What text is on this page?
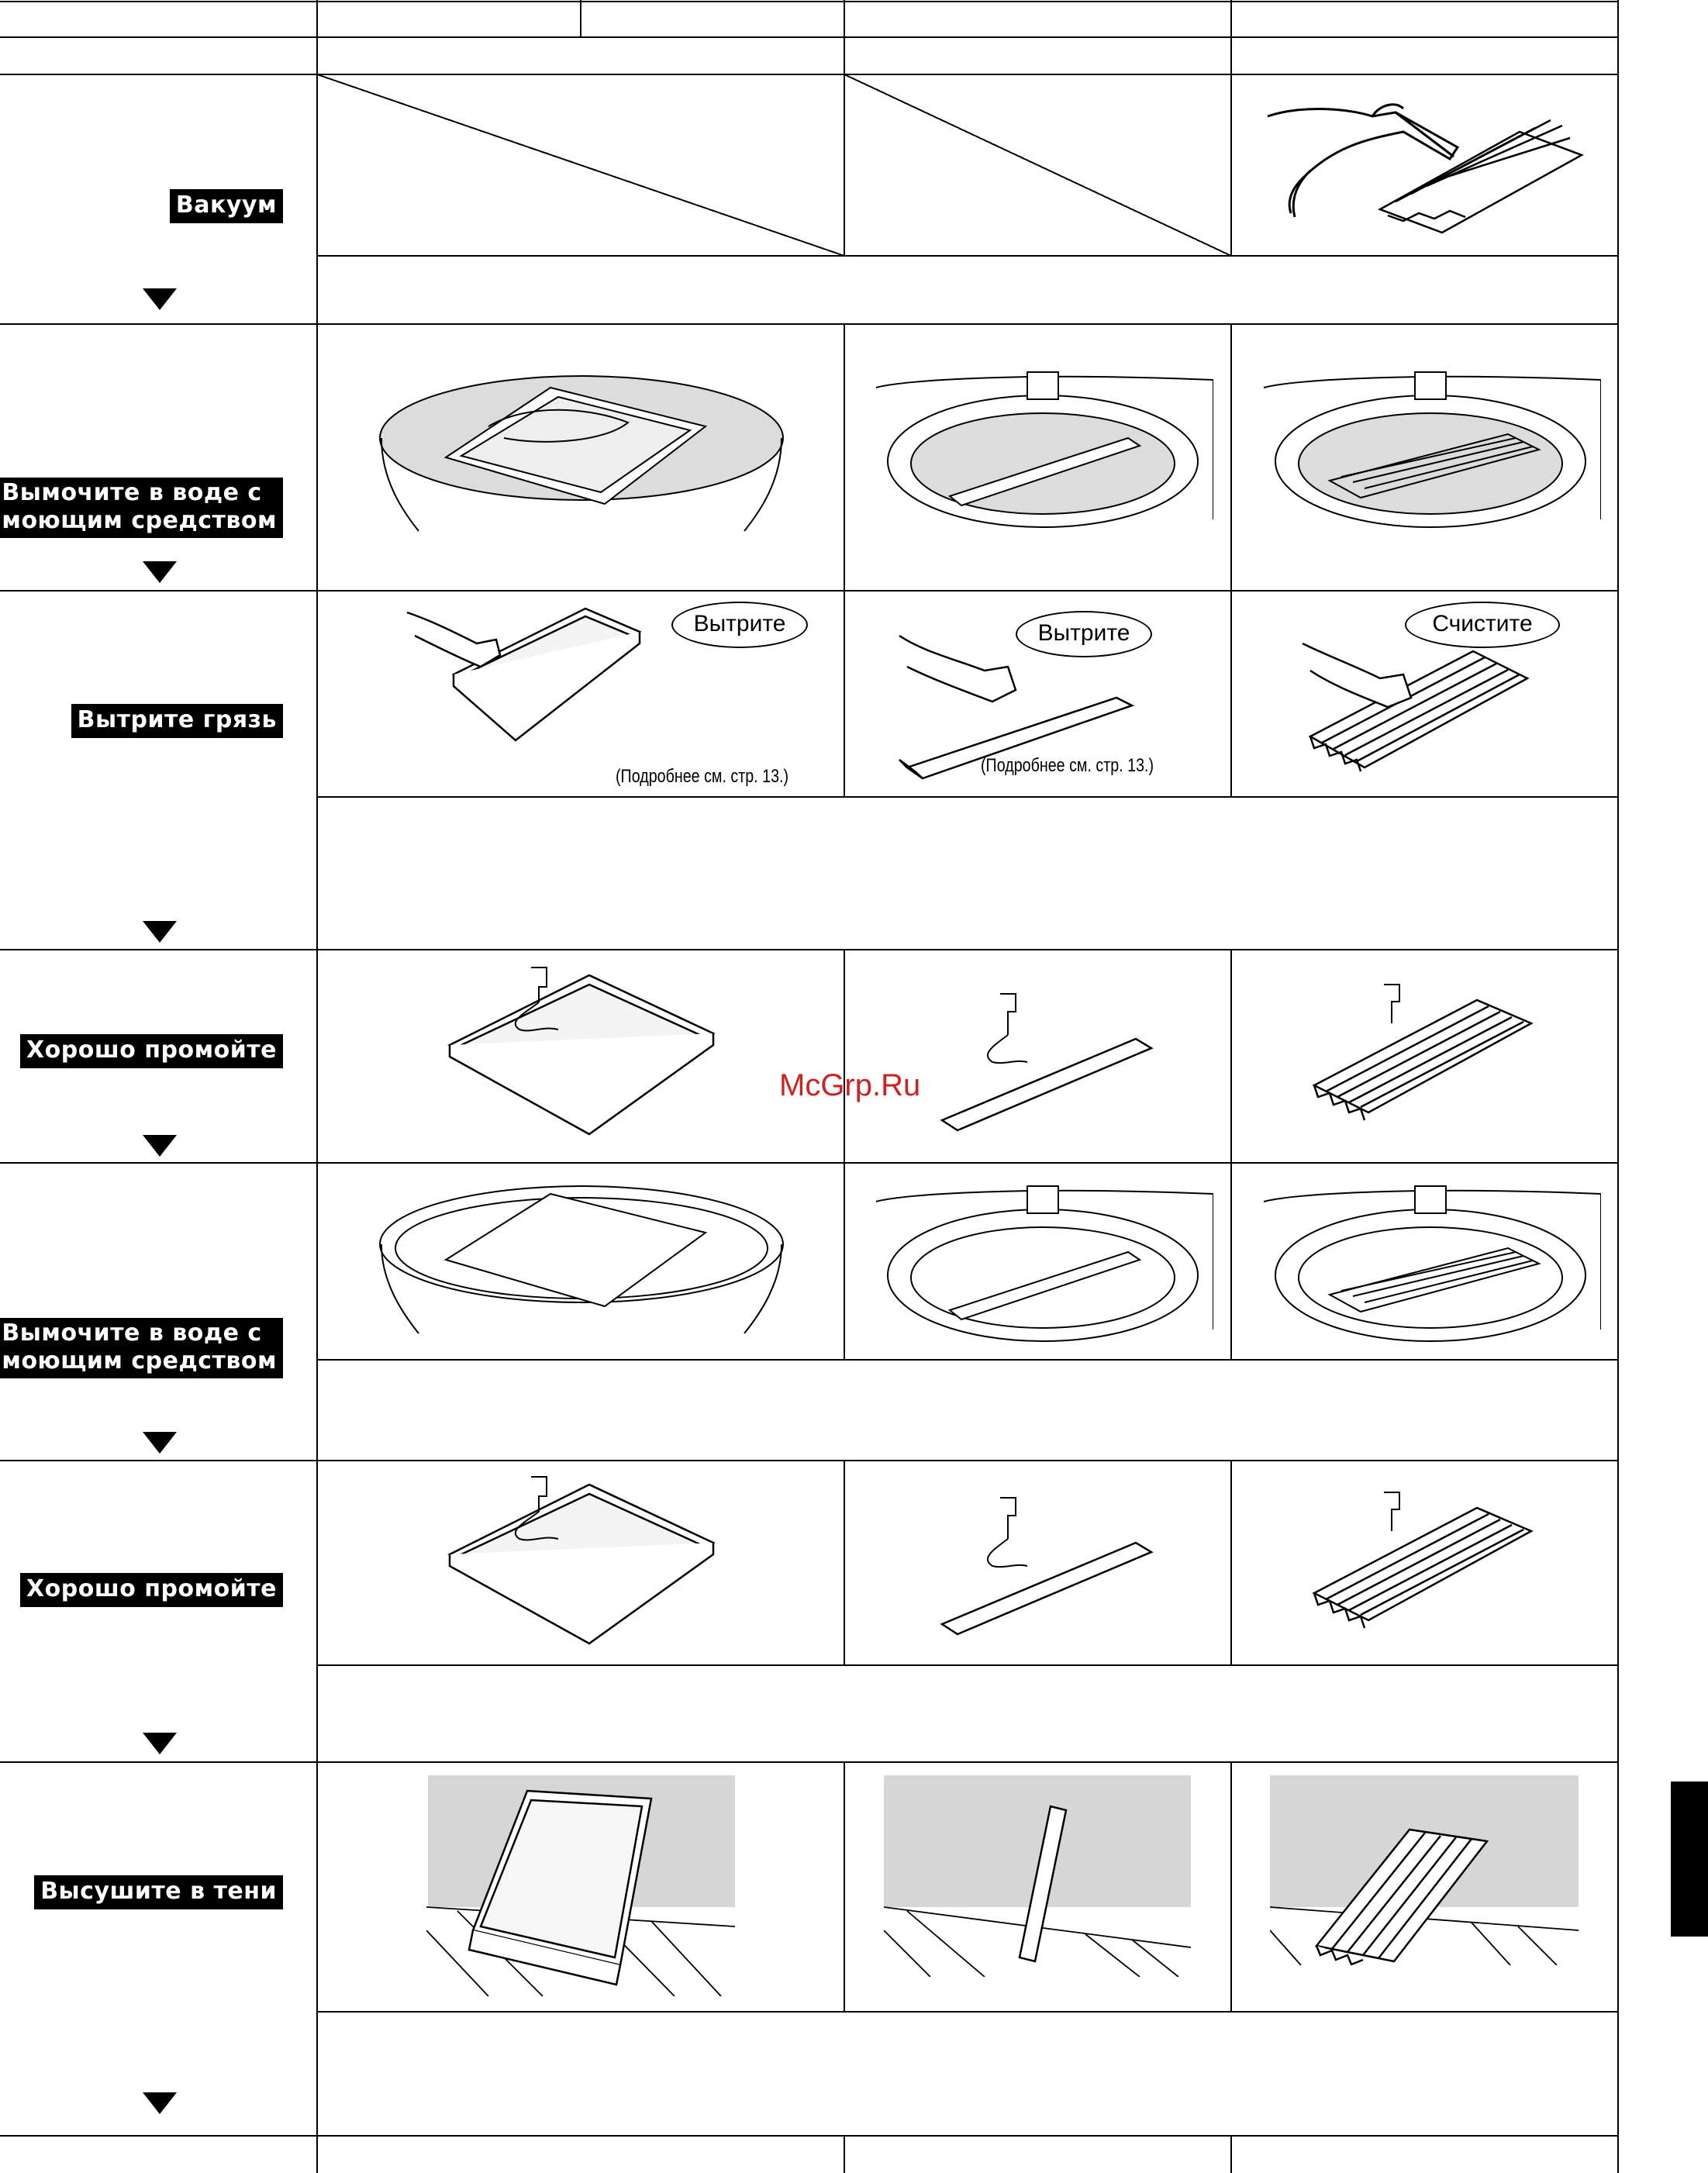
Вакуум
Вымочите в воде с
моющим средством
Вытрите грязь
Хорошо промойте
Вымочите в воде с
моющим средством
Хорошо промойте
Высушите в тени
Вытрите
(Подробнее см. стр. 13.)
Вытрите
(Подробнее см. стр. 13.)
Счистите
McGrp.Ru
